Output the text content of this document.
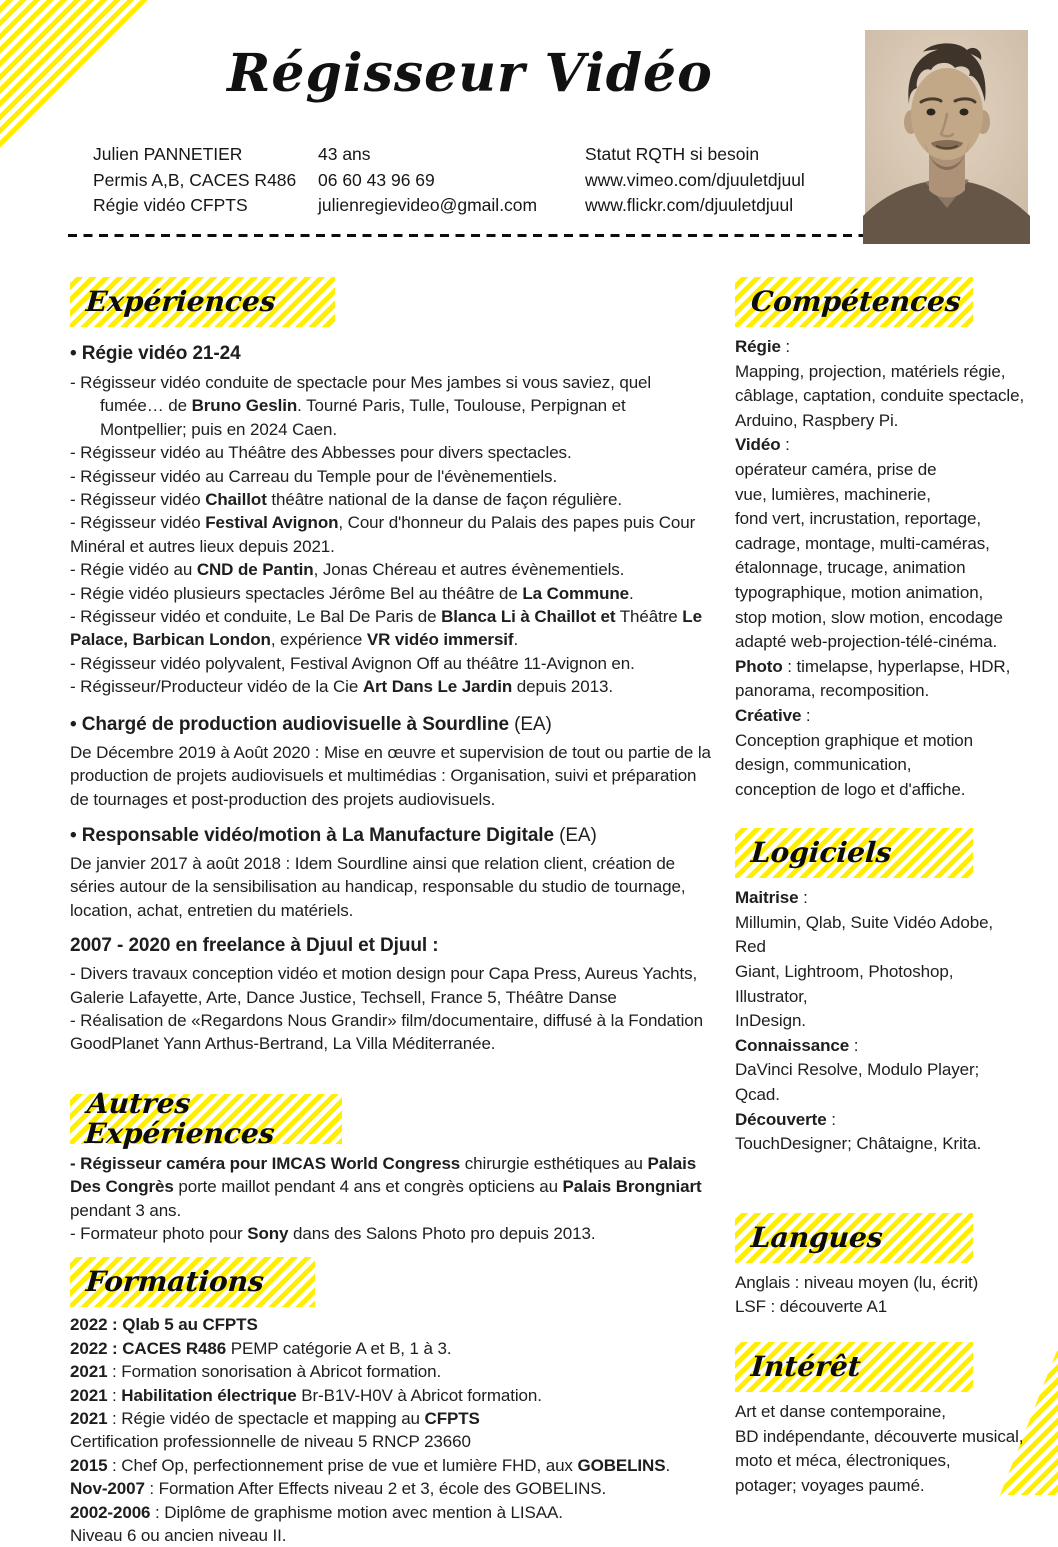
Régisseur Vidéo
Julien PANNETIER
Permis A,B, CACES R486
Régie vidéo CFPTS
43 ans
06 60 43 96 69
julienregievideo@gmail.com
Statut RQTH si besoin
www.vimeo.com/djuuletdjuul
www.flickr.com/djuuletdjuul
Expériences
• Régie vidéo 21-24
- Régisseur vidéo conduite de spectacle pour Mes jambes si vous saviez, quel fumée… de Bruno Geslin. Tourné Paris, Tulle, Toulouse, Perpignan et Montpellier; puis en 2024 Caen.
- Régisseur vidéo au Théâtre des Abbesses pour divers spectacles.
- Régisseur vidéo au Carreau du Temple pour de l'évènementiels.
- Régisseur vidéo Chaillot théâtre national de la danse de façon régulière.
- Régisseur vidéo Festival Avignon, Cour d'honneur du Palais des papes puis Cour Minéral et autres lieux depuis 2021.
- Régie vidéo au CND de Pantin, Jonas Chéreau et autres évènementiels.
- Régie vidéo plusieurs spectacles Jérôme Bel au théâtre de La Commune.
- Régisseur vidéo et conduite, Le Bal De Paris de Blanca Li à Chaillot et Théâtre Le Palace, Barbican London, expérience VR vidéo immersif.
- Régisseur vidéo polyvalent, Festival Avignon Off au théâtre 11-Avignon en.
- Régisseur/Producteur vidéo de la Cie Art Dans Le Jardin depuis 2013.
• Chargé de production audiovisuelle à Sourdline (EA)
De Décembre 2019 à Août 2020 : Mise en œuvre et supervision de tout ou partie de la production de projets audiovisuels et multimédias : Organisation, suivi et préparation de tournages et post-production des projets audiovisuels.
• Responsable vidéo/motion à La Manufacture Digitale (EA)
De janvier 2017 à août 2018 : Idem Sourdline ainsi que relation client, création de séries autour de la sensibilisation au handicap, responsable du studio de tournage, location, achat, entretien du matériels.
2007 - 2020 en freelance à Djuul et Djuul :
- Divers travaux conception vidéo et motion design pour Capa Press, Aureus Yachts, Galerie Lafayette, Arte, Dance Justice, Techsell, France 5, Théâtre Danse
- Réalisation de «Regardons Nous Grandir» film/documentaire, diffusé à la Fondation GoodPlanet Yann Arthus-Bertrand, La Villa Méditerranée.
Autres Expériences
- Régisseur caméra pour IMCAS World Congress chirurgie esthétiques au Palais Des Congrès porte maillot pendant 4 ans et congrès opticiens au Palais Brongniart pendant 3 ans.
- Formateur photo pour Sony dans des Salons Photo pro depuis 2013.
Formations
2022 : Qlab 5 au CFPTS
2022 : CACES R486 PEMP catégorie A et B, 1 à 3.
2021 : Formation sonorisation à Abricot formation.
2021 : Habilitation électrique Br-B1V-H0V à Abricot formation.
2021 : Régie vidéo de spectacle et mapping au CFPTS
Certification professionnelle de niveau 5 RNCP 23660
2015 : Chef Op, perfectionnement prise de vue et lumière FHD, aux GOBELINS.
Nov-2007 : Formation After Effects niveau 2 et 3, école des GOBELINS.
2002-2006 : Diplôme de graphisme motion avec mention à LISAA.
Niveau 6 ou ancien niveau II.
Compétences
Régie :
Mapping, projection, matériels régie,
câblage, captation, conduite spectacle,
Arduino, Raspbery Pi.
Vidéo :
opérateur caméra, prise de
vue, lumières, machinerie,
fond vert, incrustation, reportage,
cadrage, montage, multi-caméras,
étalonnage, trucage, animation
typographique, motion animation,
stop motion, slow motion, encodage
adapté web-projection-télé-cinéma.
Photo : timelapse, hyperlapse, HDR,
panorama, recomposition.
Créative :
Conception graphique et motion
design, communication,
conception de logo et d'affiche.
Logiciels
Maitrise :
Millumin, Qlab, Suite Vidéo Adobe, Red
Giant, Lightroom, Photoshop, Illustrator,
InDesign.
Connaissance :
DaVinci Resolve, Modulo Player; Qcad.
Découverte :
TouchDesigner; Châtaigne, Krita.
Langues
Anglais : niveau moyen (lu, écrit)
LSF : découverte A1
Intérêt
Art et danse contemporaine,
BD indépendante, découverte musical,
moto et méca, électroniques,
potager; voyages paumé.
